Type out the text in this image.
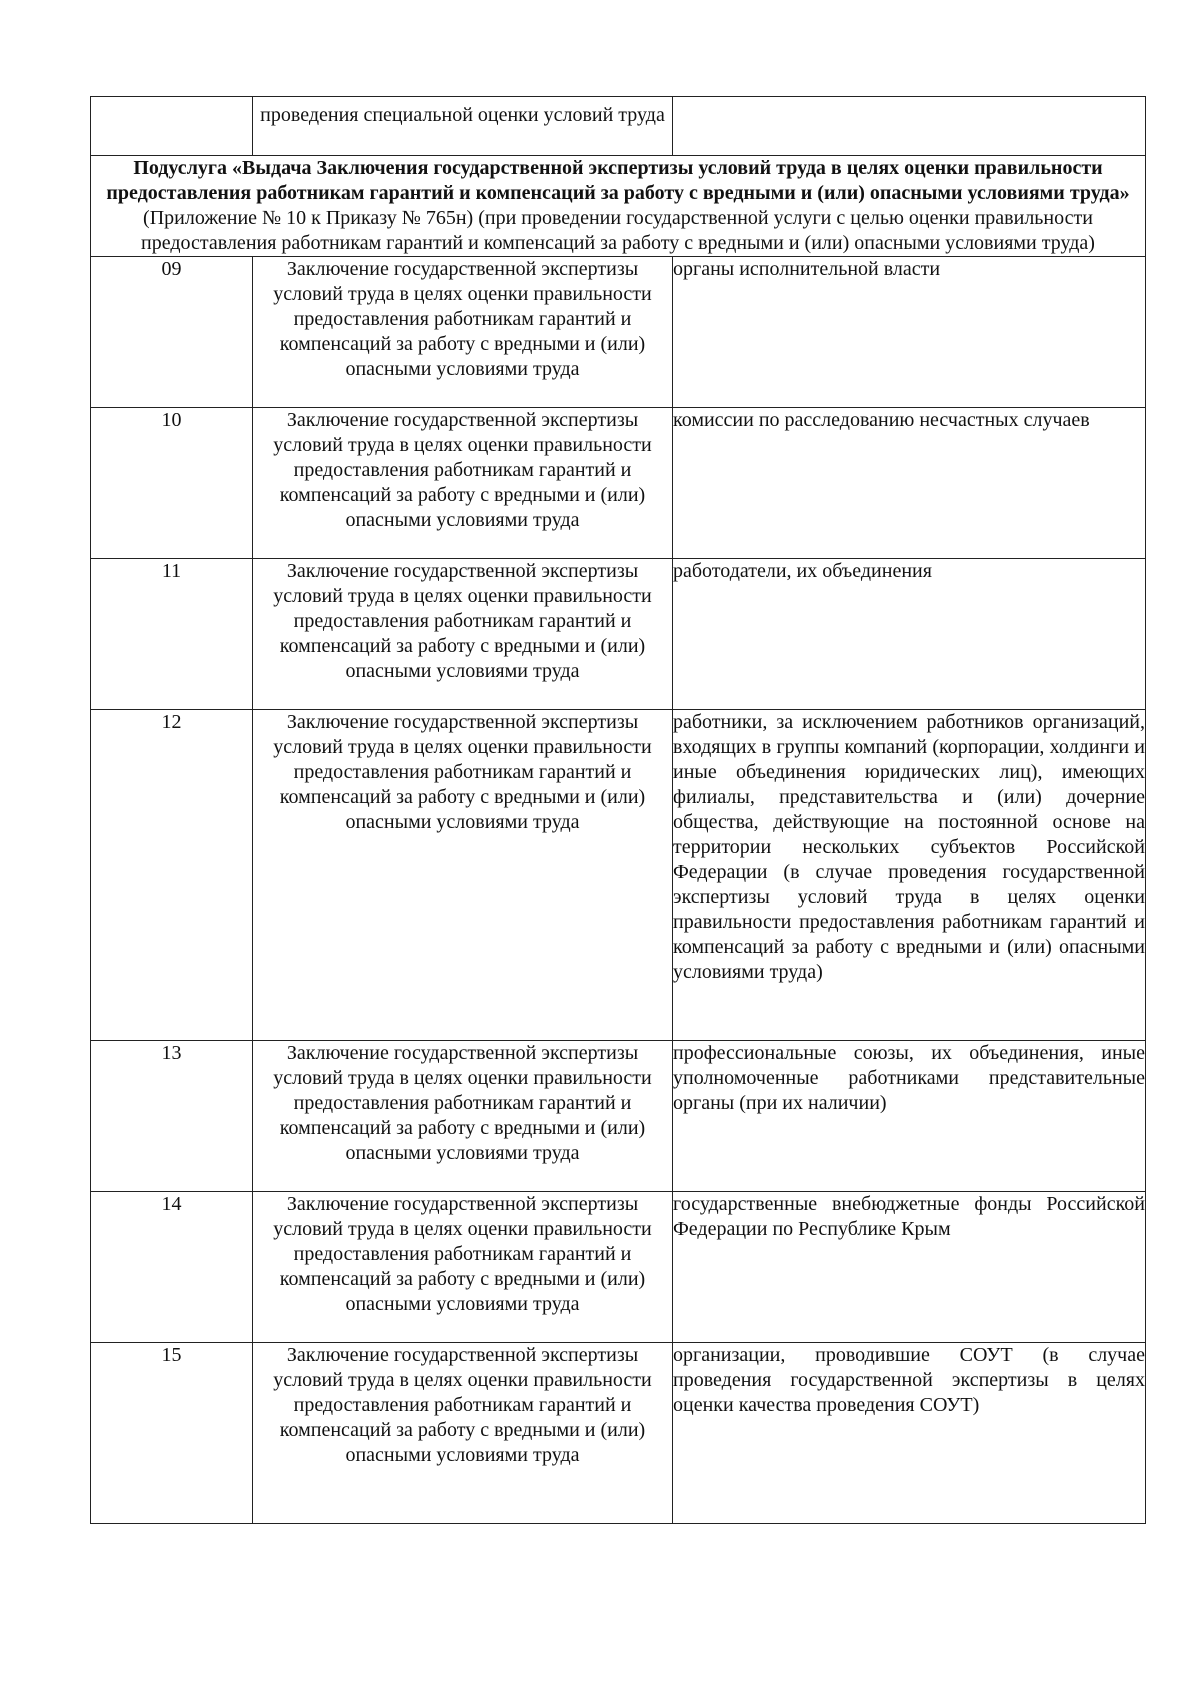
	проведения специальной оценки условий труда	
Подуслуга «Выдача Заключения государственной экспертизы условий труда в целях оценки правильности предоставления работникам гарантий и компенсаций за работу с вредными и (или) опасными условиями труда» (Приложение № 10 к Приказу № 765н) (при проведении государственной услуги с целью оценки правильности предоставления работникам гарантий и компенсаций за работу с вредными и (или) опасными условиями труда)		
09	Заключение государственной экспертизы условий труда в целях оценки правильности предоставления работникам гарантий и компенсаций за работу с вредными и (или) опасными условиями труда	органы исполнительной власти
10	Заключение государственной экспертизы условий труда в целях оценки правильности предоставления работникам гарантий и компенсаций за работу с вредными и (или) опасными условиями труда	комиссии по расследованию несчастных случаев
11	Заключение государственной экспертизы условий труда в целях оценки правильности предоставления работникам гарантий и компенсаций за работу с вредными и (или) опасными условиями труда	работодатели, их объединения
12	Заключение государственной экспертизы условий труда в целях оценки правильности предоставления работникам гарантий и компенсаций за работу с вредными и (или) опасными условиями труда	работники, за исключением работников организаций, входящих в группы компаний (корпорации, холдинги и иные объединения юридических лиц), имеющих филиалы, представительства и (или) дочерние общества, действующие на постоянной основе на территории нескольких субъектов Российской Федерации (в случае проведения государственной экспертизы условий труда в целях оценки правильности предоставления работникам гарантий и компенсаций за работу с вредными и (или) опасными условиями труда)
13	Заключение государственной экспертизы условий труда в целях оценки правильности предоставления работникам гарантий и компенсаций за работу с вредными и (или) опасными условиями труда	профессиональные союзы, их объединения, иные уполномоченные работниками представительные органы (при их наличии)
14	Заключение государственной экспертизы условий труда в целях оценки правильности предоставления работникам гарантий и компенсаций за работу с вредными и (или) опасными условиями труда	государственные внебюджетные фонды Российской Федерации по Республике Крым
15	Заключение государственной экспертизы условий труда в целях оценки правильности предоставления работникам гарантий и компенсаций за работу с вредными и (или) опасными условиями труда	организации, проводившие СОУТ (в случае проведения государственной экспертизы в целях оценки качества проведения СОУТ)
